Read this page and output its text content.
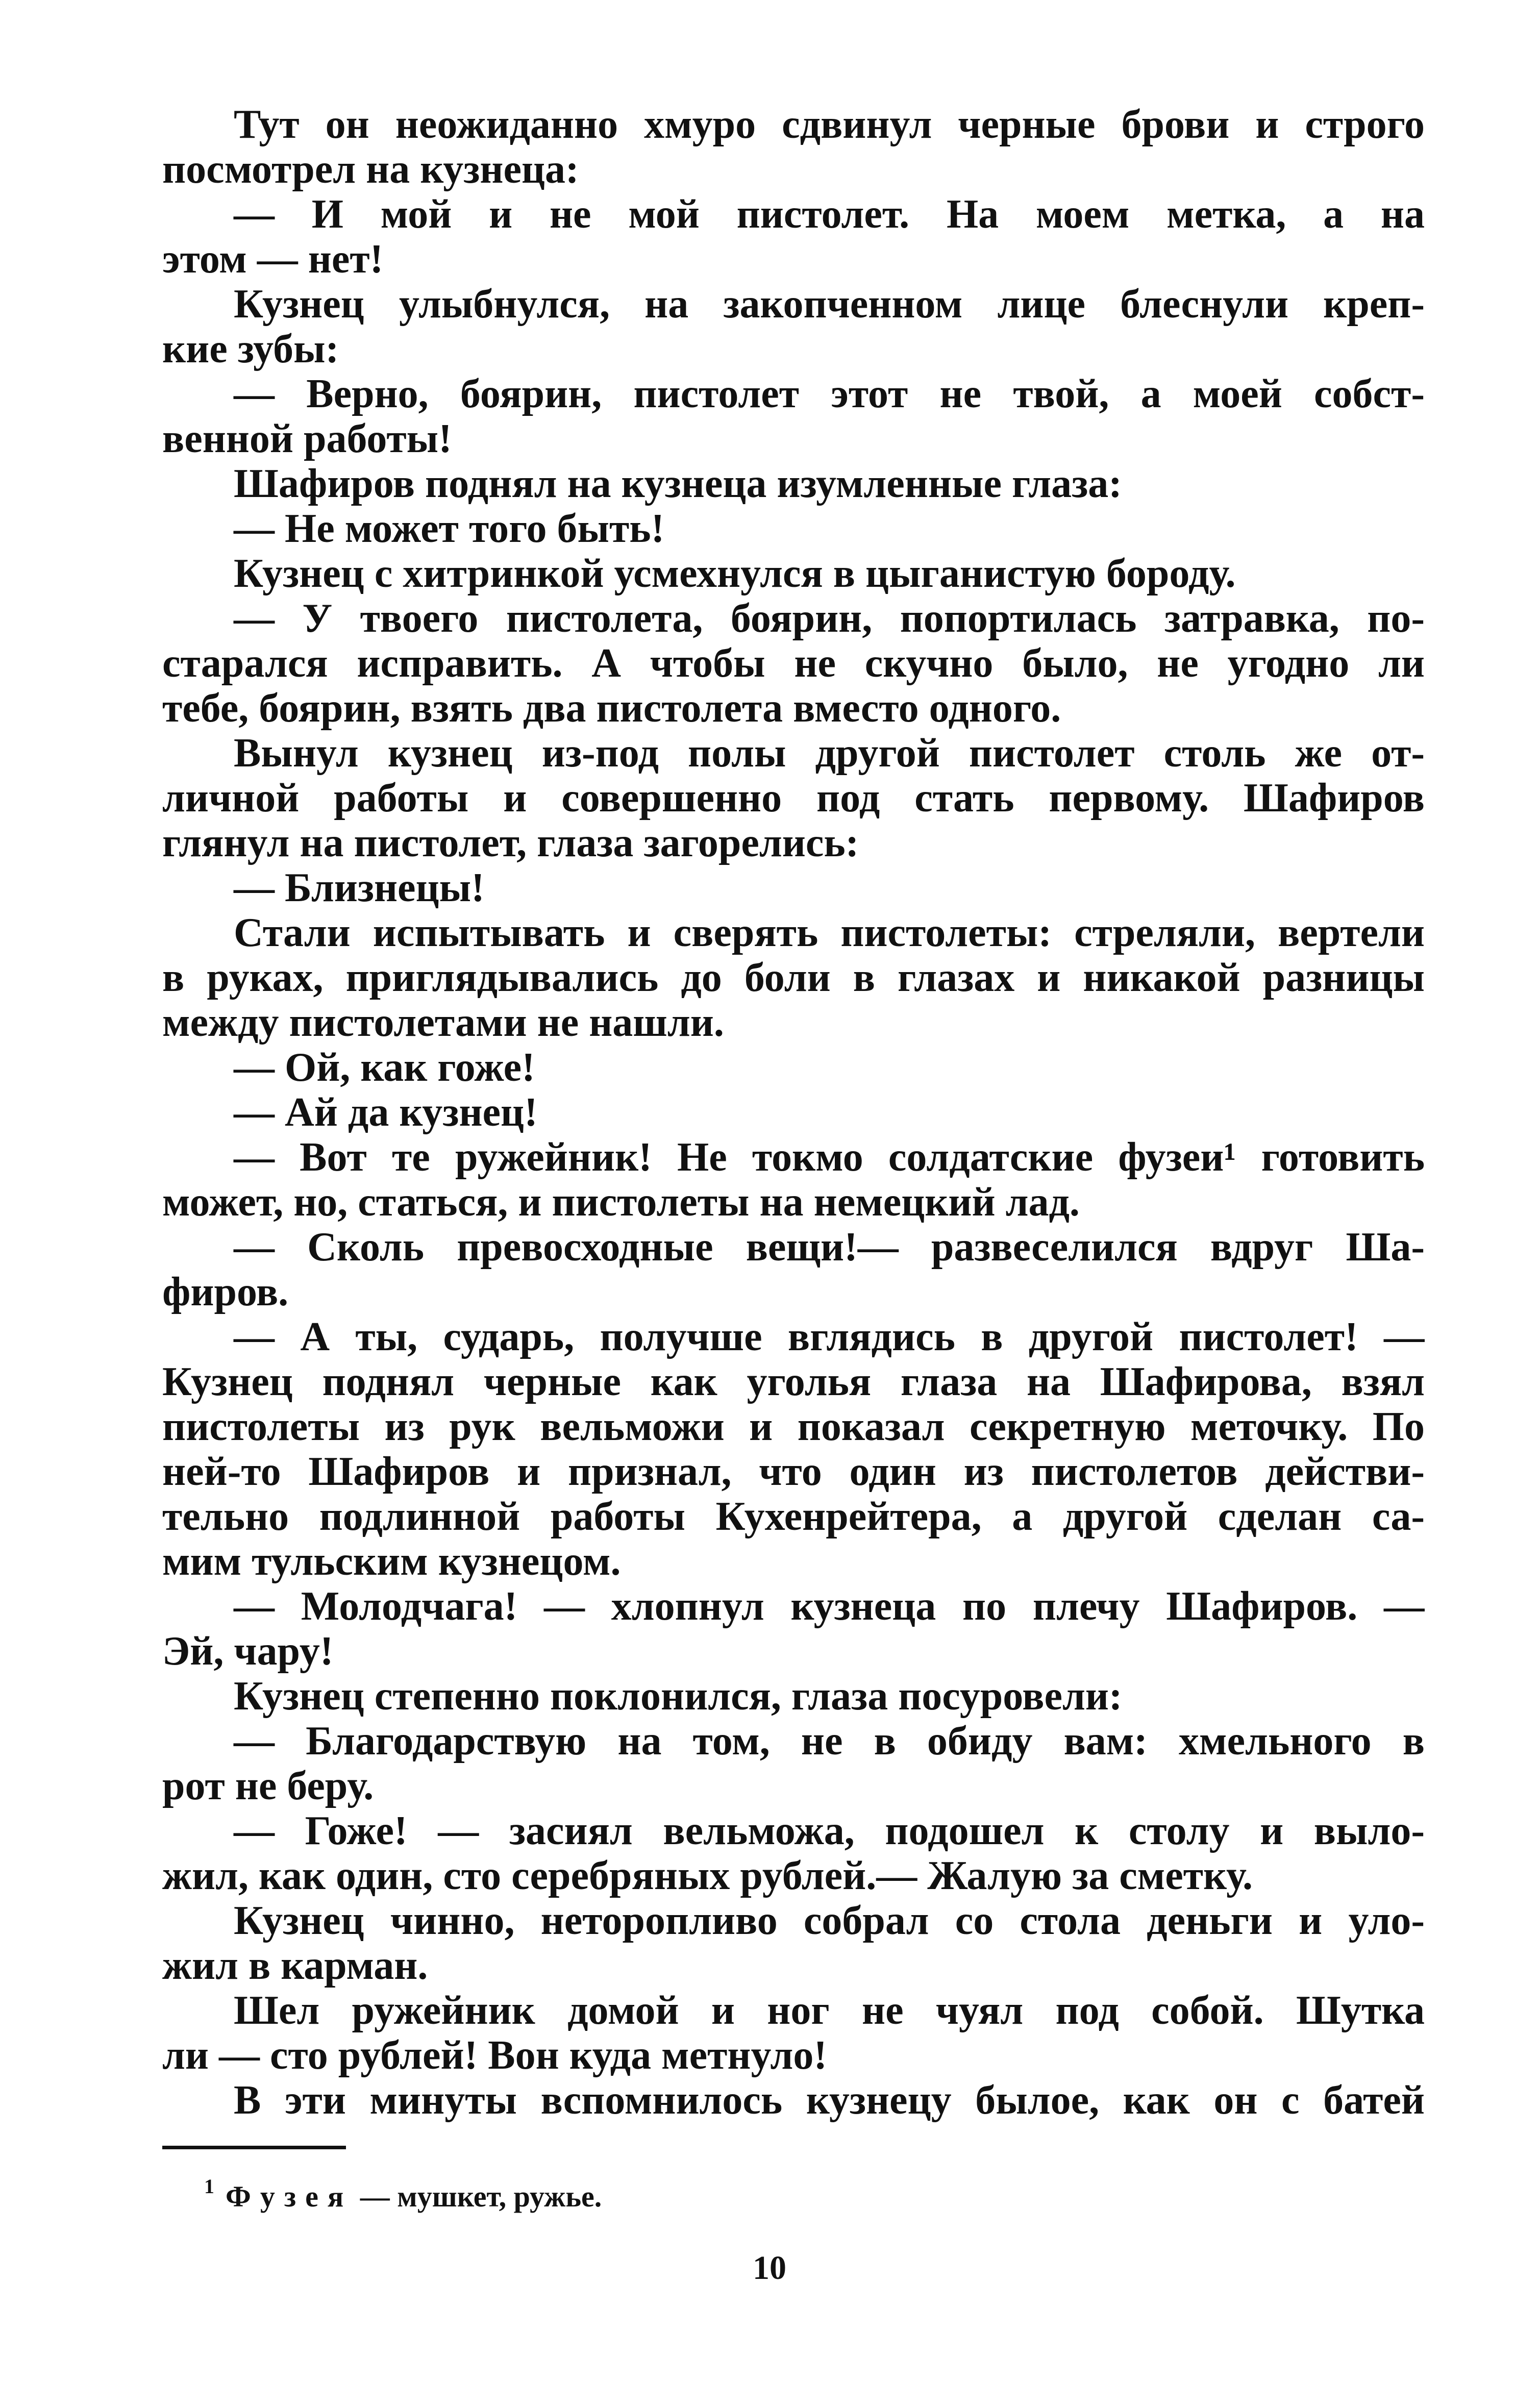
Тут он неожиданно хмуро сдвинул черные брови и строго
посмотрел на кузнеца:
— И мой и не мой пистолет. На моем метка, а на
этом — нет!
Кузнец улыбнулся, на закопченном лице блеснули креп-
кие зубы:
— Верно, боярин, пистолет этот не твой, а моей собст-
венной работы!
Шафиров поднял на кузнеца изумленные глаза:
— Не может того быть!
Кузнец с хитринкой усмехнулся в цыганистую бороду.
— У твоего пистолета, боярин, попортилась затравка, по-
старался исправить. А чтобы не скучно было, не угодно ли
тебе, боярин, взять два пистолета вместо одного.
Вынул кузнец из-под полы другой пистолет столь же от-
личной работы и совершенно под стать первому. Шафиров
глянул на пистолет, глаза загорелись:
— Близнецы!
Стали испытывать и сверять пистолеты: стреляли, вертели
в руках, приглядывались до боли в глазах и никакой разницы
между пистолетами не нашли.
— Ой, как гоже!
— Ай да кузнец!
— Вот те ружейник! Не токмо солдатские фузеи¹ готовить
может, но, статься, и пистолеты на немецкий лад.
— Сколь превосходные вещи!— развеселился вдруг Ша-
фиров.
— А ты, сударь, получше вглядись в другой пистолет! —
Кузнец поднял черные как уголья глаза на Шафирова, взял
пистолеты из рук вельможи и показал секретную меточку. По
ней-то Шафиров и признал, что один из пистолетов действи-
тельно подлинной работы Кухенрейтера, а другой сделан са-
мим тульским кузнецом.
— Молодчага! — хлопнул кузнеца по плечу Шафиров. —
Эй, чару!
Кузнец степенно поклонился, глаза посуровели:
— Благодарствую на том, не в обиду вам: хмельного в
рот не беру.
— Гоже! — засиял вельможа, подошел к столу и выло-
жил, как один, сто серебряных рублей.— Жалую за сметку.
Кузнец чинно, неторопливо собрал со стола деньги и уло-
жил в карман.
Шел ружейник домой и ног не чуял под собой. Шутка
ли — сто рублей! Вон куда метнуло!
В эти минуты вспомнилось кузнецу былое, как он с батей
$^1$ Фузея — мушкет, ружье.
10
